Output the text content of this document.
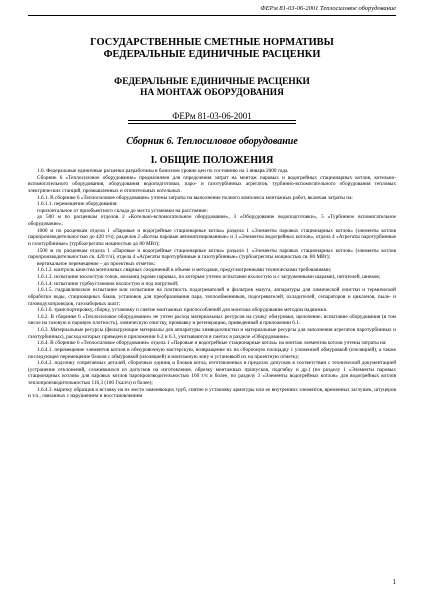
ФЕРм 81-03-06-2001 Теплосиловое оборудование
ГОСУДАРСТВЕННЫЕ СМЕТНЫЕ НОРМАТИВЫ
ФЕДЕРАЛЬНЫЕ ЕДИНИЧНЫЕ РАСЦЕНКИ
ФЕДЕРАЛЬНЫЕ ЕДИНИЧНЫЕ РАСЦЕНКИ
НА МОНТАЖ ОБОРУДОВАНИЯ
ФЕРм 81-03-06-2001
Сборник 6. Теплосиловое оборудование
I. ОБЩИЕ ПОЛОЖЕНИЯ

1.6. Федеральные единичные расценки разработаны в базисном уровне цен по состоянию на 1 января 2000 года.

Сборник 6 «Теплосиловое оборудование» предназначен для определения затрат на монтаж паровых и водогрейных стационарных котлов, котельно-вспомогательного оборудования, оборудования водоподготовки, паро- и газотурбинных агрегатов, турбинно-вспомогательного оборудования тепловых электрических станций, промышленных и отопительных котельных.

1.6.1. В сборнике 6 «Теплосиловое оборудование» учтены затраты на выполнение полного комплекса монтажных работ, включая затраты на:

1.6.1.1. перемещение оборудования:

горизонтальное от приобъектного склада до места установки на расстояние:

до 500 м по расценкам отделов 2 «Котельно-вспомогательное оборудование», 3 «Оборудование водоподготовки», 5 «Турбинное вспомогательное оборудование»;

1000 м по расценкам отдела 1 «Паровые и водогрейные стационарные котлы» раздела 1 «Элементы паровых стационарных котлов» (элементы котлов паропроизводительностью до 420 т/ч), разделов 2 «Котлы паровые автоматизированные» и 3 «Элементы водогрейных котлов», отдела 4 «Агрегаты паротурбинные и газотурбинные» (турбоагрегаты мощностью до 80 МВт);

1500 м по расценкам отдела 1 «Паровые и водогрейные стационарные котлы» раздела 1 «Элементы паровых стационарных котлов» (элементы котлов паропроизводительностью св. 420 т/ч), отдела 4 «Агрегаты паротурбинные и газотурбинные» (турбоагрегаты мощностью св. 80 МВт);

вертикальное перемещение – до проектных отметок;

1.6.1.2. контроль качества монтажных сварных соединений в объеме и методами, предусмотренными техническими требованиями;

1.6.1.3. испытание вхолостую топок, мельниц (кроме паровых, по которым учтено испытание вхолостую и с загруженными шарами), питателей, шнеков;

1.6.1.4. испытание турбоустановок вхолостую и под нагрузкой;

1.6.1.5. гидравлическое испытание или испытание на плотность подогревателей и фильтров мазута, аппаратуры для химической очистки и термической обработки воды, стационарных баков, установок для преобразования пара, теплообменников, подогревателей, охладителей, сепараторов и циклонов, пыле- и газоводухопроводов, газозаборных шахт;

1.6.1.6. транспортировку, сборку, установку и снятие монтажных приспособлений для монтажа оборудования методом надвижки.

1.6.2. В сборнике 6 «Теплосиловое оборудование» не учтен расход материальных ресурсов на сушку обмуровки, щелочение, испытание оборудования (в том числе на газовую и паровую плотность), химическую очистку, промывку и регенерацию, приведенный в приложении 6.1.

1.6.3. Материальные ресурсы (фильтрующие материалы для аппаратуры химводоочистки и материальные ресурсы для заполнения агрегатов паротурбинных и газотурбинных), расход которых приведен в приложении 6.2 и 6.3, учитываются в сметах в разделе «Оборудование».

1.6.4. В сборнике 6 «Теплосиловое оборудование» отдела 1 «Паровые и водогрейные стационарные котлы» на монтаж элементов котлов учтены затраты на:

1.6.4.1. перемещение элементов котлов в обмуровочную мастерскую, возвращение их на сборочную площадку с уложенной обмуровкой (изоляцией), а также последующее перемещение блоков с обмуровкой (изоляцией) в монтажную зону и установкой их на проектную отметку;

1.6.4.2. подгонку сопрягаемых деталей, сборочных единиц и блоков котла, изготовленных в пределах допусков в соответствии с технической документацией (устранение отклонений, сложившихся из допусков на изготовление, обрезку монтажных припусков, подгибку и др.) (по разделу 1 «Элементы паровых стационарных котлов» для паровых котлов паропроизводительностью 160 т/ч и более, по разделу 3 «Элементы водогрейных котлов» для водогрейных котлов теплопроизводительностью 116,3 (100 Гкал/ч) и более);

1.6.4.3. вырезку образцов и вставку на их место заменяющих труб, снятие и установку арматуры или ее внутренних элементов, временных заглушек, штуцеров и т.п., связанных с нарушением и восстановлением

1
